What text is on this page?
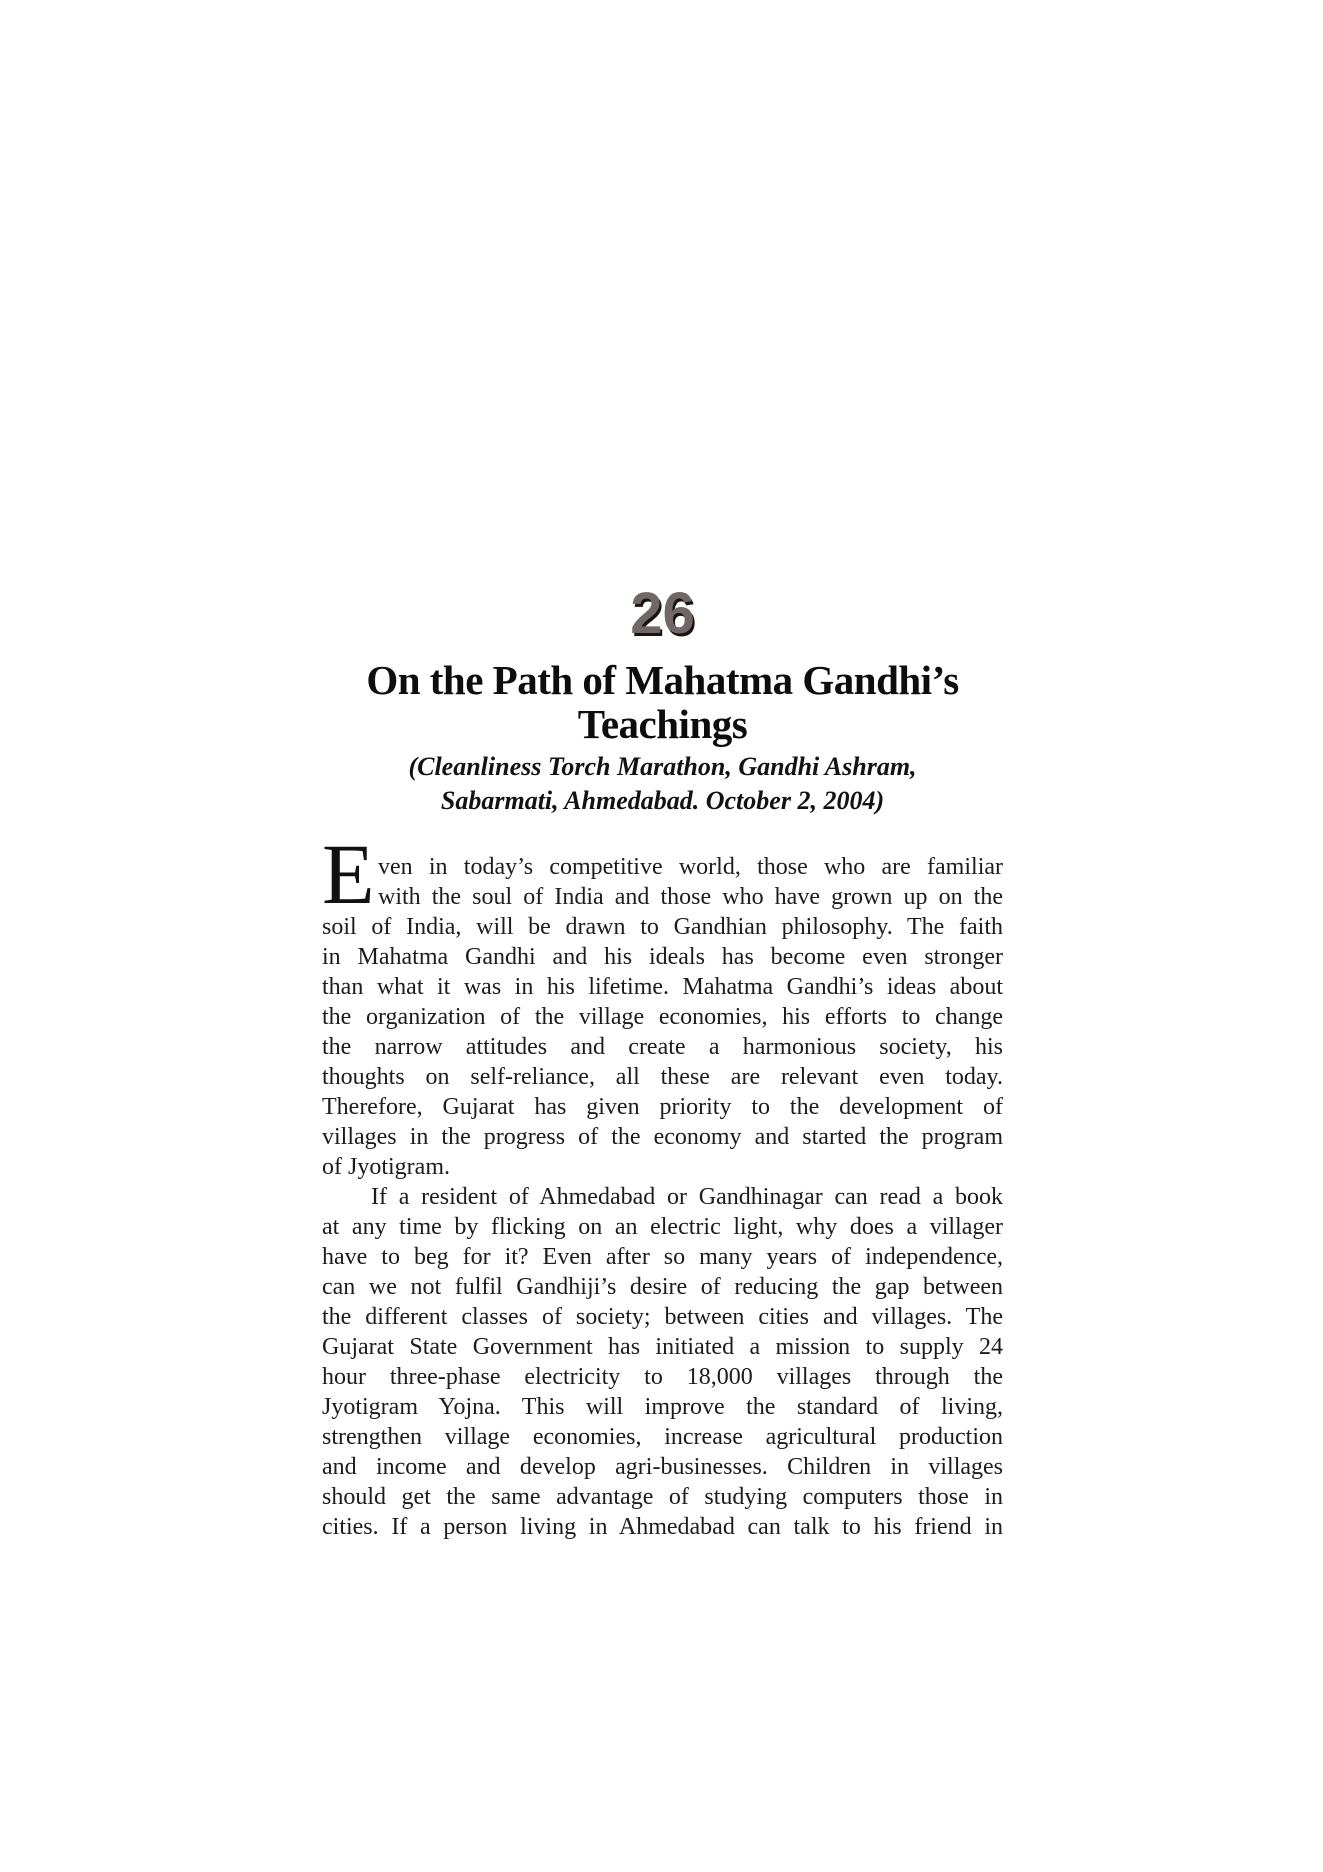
26
On the Path of Mahatma Gandhi’s
Teachings
(Cleanliness Torch Marathon, Gandhi Ashram,
Sabarmati, Ahmedabad. October 2, 2004)
E ven in today’s competitive world, those who are familiar
with the soul of India and those who have grown up on the
soil of India, will be drawn to Gandhian philosophy. The faith
in Mahatma Gandhi and his ideals has become even stronger
than what it was in his lifetime. Mahatma Gandhi’s ideas about
the organization of the village economies, his efforts to change
the narrow attitudes and create a harmonious society, his
thoughts on self-reliance, all these are relevant even today.
Therefore, Gujarat has given priority to the development of
villages in the progress of the economy and started the program
of Jyotigram.
If a resident of Ahmedabad or Gandhinagar can read a book
at any time by flicking on an electric light, why does a villager
have to beg for it? Even after so many years of independence,
can we not fulfil Gandhiji’s desire of reducing the gap between
the different classes of society; between cities and villages. The
Gujarat State Government has initiated a mission to supply 24
hour three-phase electricity to 18,000 villages through the
Jyotigram Yojna. This will improve the standard of living,
strengthen village economies, increase agricultural production
and income and develop agri-businesses. Children in villages
should get the same advantage of studying computers those in
cities. If a person living in Ahmedabad can talk to his friend in
